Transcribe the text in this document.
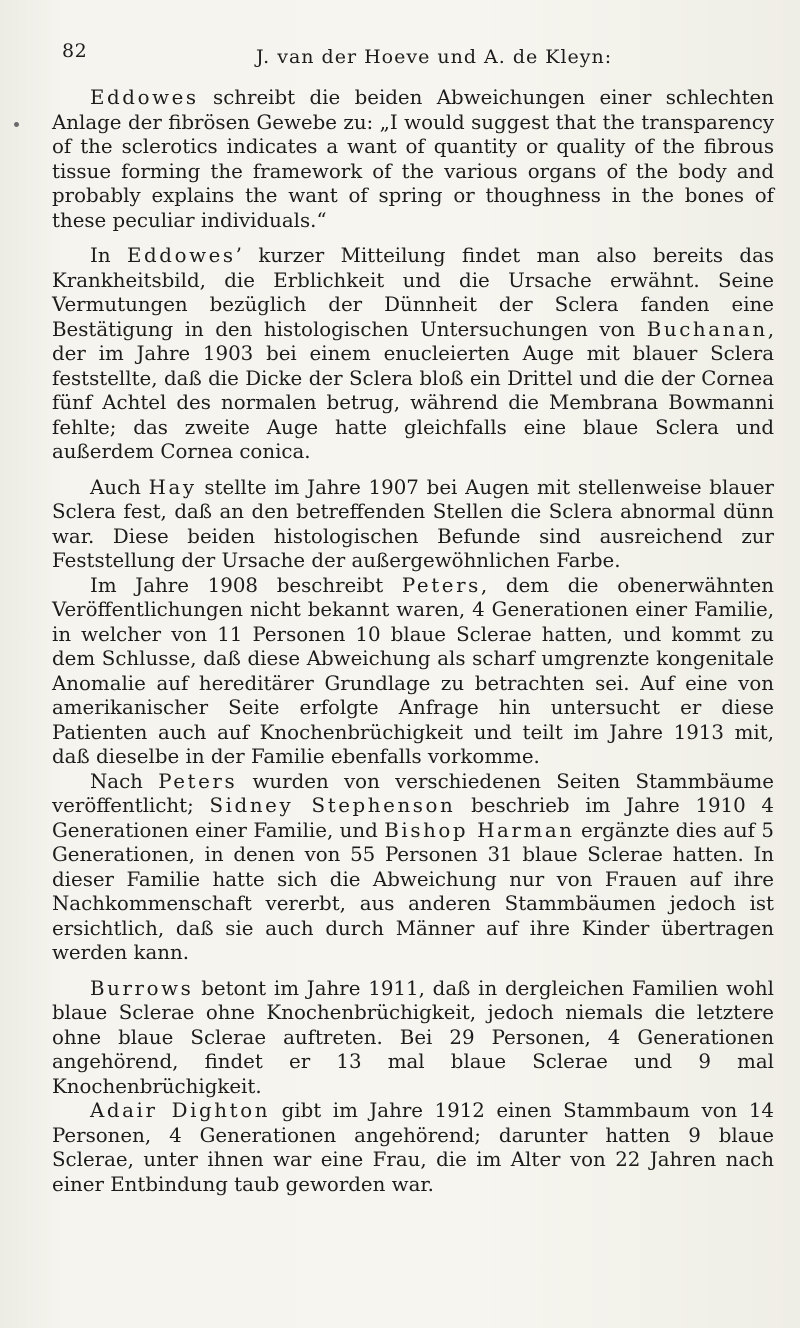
82	J. van der Hoeve und A. de Kleyn:

Eddowes schreibt die beiden Abweichungen einer schlechten Anlage der fibrösen Gewebe zu: „I would suggest that the transparency of the sclerotics indicates a want of quantity or quality of the fibrous tissue forming the framework of the various organs of the body and probably explains the want of spring or thoughness in the bones of these peculiar individuals.“

In Eddowes’ kurzer Mitteilung findet man also bereits das Krankheitsbild, die Erblichkeit und die Ursache erwähnt. Seine Vermutungen bezüglich der Dünnheit der Sclera fanden eine Bestätigung in den histologischen Untersuchungen von Buchanan, der im Jahre 1903 bei einem enucleierten Auge mit blauer Sclera feststellte, daß die Dicke der Sclera bloß ein Drittel und die der Cornea fünf Achtel des normalen betrug, während die Membrana Bowmanni fehlte; das zweite Auge hatte gleichfalls eine blaue Sclera und außerdem Cornea conica.

Auch Hay stellte im Jahre 1907 bei Augen mit stellenweise blauer Sclera fest, daß an den betreffenden Stellen die Sclera abnormal dünn war. Diese beiden histologischen Befunde sind ausreichend zur Feststellung der Ursache der außergewöhnlichen Farbe.

Im Jahre 1908 beschreibt Peters, dem die obenerwähnten Veröffentlichungen nicht bekannt waren, 4 Generationen einer Familie, in welcher von 11 Personen 10 blaue Sclerae hatten, und kommt zu dem Schlusse, daß diese Abweichung als scharf umgrenzte kongenitale Anomalie auf hereditärer Grundlage zu betrachten sei. Auf eine von amerikanischer Seite erfolgte Anfrage hin untersucht er diese Patienten auch auf Knochenbrüchigkeit und teilt im Jahre 1913 mit, daß dieselbe in der Familie ebenfalls vorkomme.

Nach Peters wurden von verschiedenen Seiten Stammbäume veröffentlicht; Sidney Stephenson beschrieb im Jahre 1910 4 Generationen einer Familie, und Bishop Harman ergänzte dies auf 5 Generationen, in denen von 55 Personen 31 blaue Sclerae hatten. In dieser Familie hatte sich die Abweichung nur von Frauen auf ihre Nachkommenschaft vererbt, aus anderen Stammbäumen jedoch ist ersichtlich, daß sie auch durch Männer auf ihre Kinder übertragen werden kann.

Burrows betont im Jahre 1911, daß in dergleichen Familien wohl blaue Sclerae ohne Knochenbrüchigkeit, jedoch niemals die letztere ohne blaue Sclerae auftreten. Bei 29 Personen, 4 Generationen angehörend, findet er 13 mal blaue Sclerae und 9 mal Knochenbrüchigkeit.

Adair Dighton gibt im Jahre 1912 einen Stammbaum von 14 Personen, 4 Generationen angehörend; darunter hatten 9 blaue Sclerae, unter ihnen war eine Frau, die im Alter von 22 Jahren nach einer Entbindung taub geworden war.
